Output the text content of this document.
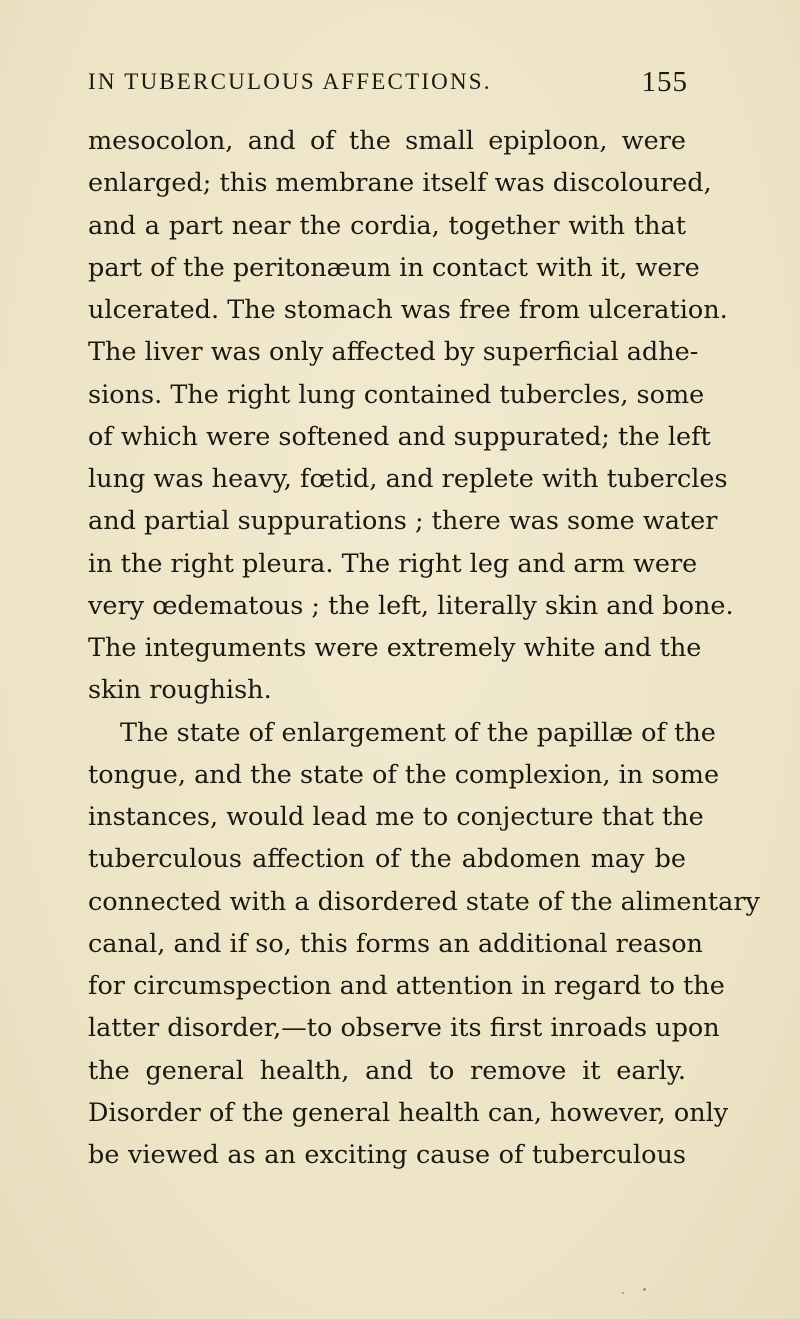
IN TUBERCULOUS AFFECTIONS.	155
mesocolon, and of the small epiploon, were
enlarged; this membrane itself was discoloured,
and a part near the cordia, together with that
part of the peritonæum in contact with it, were
ulcerated. The stomach was free from ulceration.
The liver was only affected by superficial adhe-
sions. The right lung contained tubercles, some
of which were softened and suppurated; the left
lung was heavy, fœtid, and replete with tubercles
and partial suppurations ; there was some water
in the right pleura. The right leg and arm were
very œdematous ; the left, literally skin and bone.
The integuments were extremely white and the
skin roughish.
The state of enlargement of the papillæ of the
tongue, and the state of the complexion, in some
instances, would lead me to conjecture that the
tuberculous affection of the abdomen may be
connected with a disordered state of the alimentary
canal, and if so, this forms an additional reason
for circumspection and attention in regard to the
latter disorder,—to observe its first inroads upon
the general health, and to remove it early.
Disorder of the general health can, however, only
be viewed as an exciting cause of tuberculous
